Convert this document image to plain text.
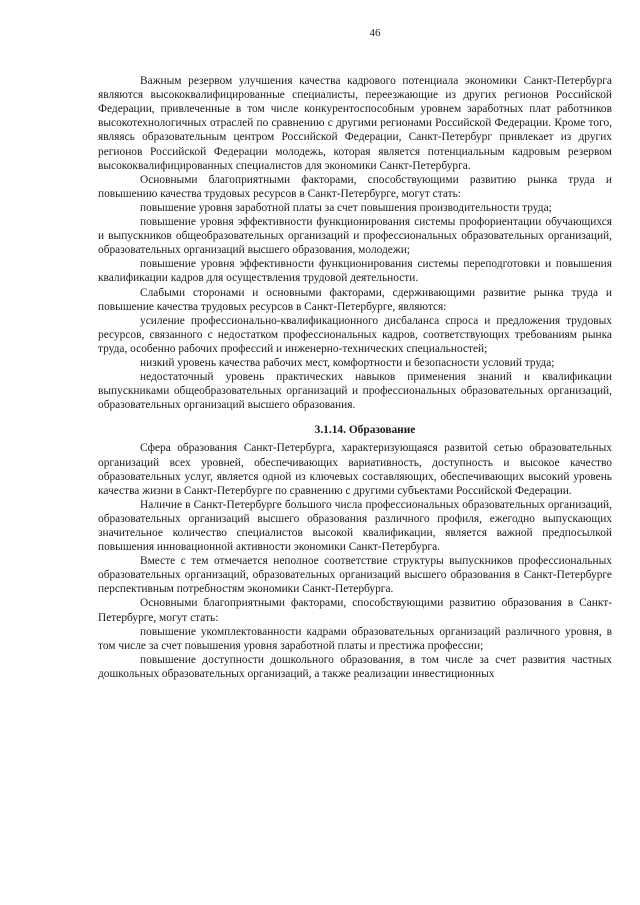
46

Важным резервом улучшения качества кадрового потенциала экономики Санкт-Петербурга являются высококвалифицированные специалисты, переезжающие из других регионов Российской Федерации, привлеченные в том числе конкурентоспособным уровнем заработных плат работников высокотехнологичных отраслей по сравнению с другими регионами Российской Федерации. Кроме того, являясь образовательным центром Российской Федерации, Санкт-Петербург привлекает из других регионов Российской Федерации молодежь, которая является потенциальным кадровым резервом высококвалифицированных специалистов для экономики Санкт-Петербурга.

Основными благоприятными факторами, способствующими развитию рынка труда и повышению качества трудовых ресурсов в Санкт-Петербурге, могут стать:

повышение уровня заработной платы за счет повышения производительности труда;

повышение уровня эффективности функционирования системы профориентации обучающихся и выпускников общеобразовательных организаций и профессиональных образовательных организаций, образовательных организаций высшего образования, молодежи;

повышение уровня эффективности функционирования системы переподготовки и повышения квалификации кадров для осуществления трудовой деятельности.

Слабыми сторонами и основными факторами, сдерживающими развитие рынка труда и повышение качества трудовых ресурсов в Санкт-Петербурге, являются:

усиление профессионально-квалификационного дисбаланса спроса и предложения трудовых ресурсов, связанного с недостатком профессиональных кадров, соответствующих требованиям рынка труда, особенно рабочих профессий и инженерно-технических специальностей;

низкий уровень качества рабочих мест, комфортности и безопасности условий труда;

недостаточный уровень практических навыков применения знаний и квалификации выпускниками общеобразовательных организаций и профессиональных образовательных организаций, образовательных организаций высшего образования.

3.1.14. Образование

Сфера образования Санкт-Петербурга, характеризующаяся развитой сетью образовательных организаций всех уровней, обеспечивающих вариативность, доступность и высокое качество образовательных услуг, является одной из ключевых составляющих, обеспечивающих высокий уровень качества жизни в Санкт-Петербурге по сравнению с другими субъектами Российской Федерации.

Наличие в Санкт-Петербурге большого числа профессиональных образовательных организаций, образовательных организаций высшего образования различного профиля, ежегодно выпускающих значительное количество специалистов высокой квалификации, является важной предпосылкой повышения инновационной активности экономики Санкт-Петербурга.

Вместе с тем отмечается неполное соответствие структуры выпускников профессиональных образовательных организаций, образовательных организаций высшего образования в Санкт-Петербурге перспективным потребностям экономики Санкт-Петербурга.

Основными благоприятными факторами, способствующими развитию образования в Санкт-Петербурге, могут стать:

повышение укомплектованности кадрами образовательных организаций различного уровня, в том числе за счет повышения уровня заработной платы и престижа профессии;

повышение доступности дошкольного образования, в том числе за счет развития частных дошкольных образовательных организаций, а также реализации инвестиционных
